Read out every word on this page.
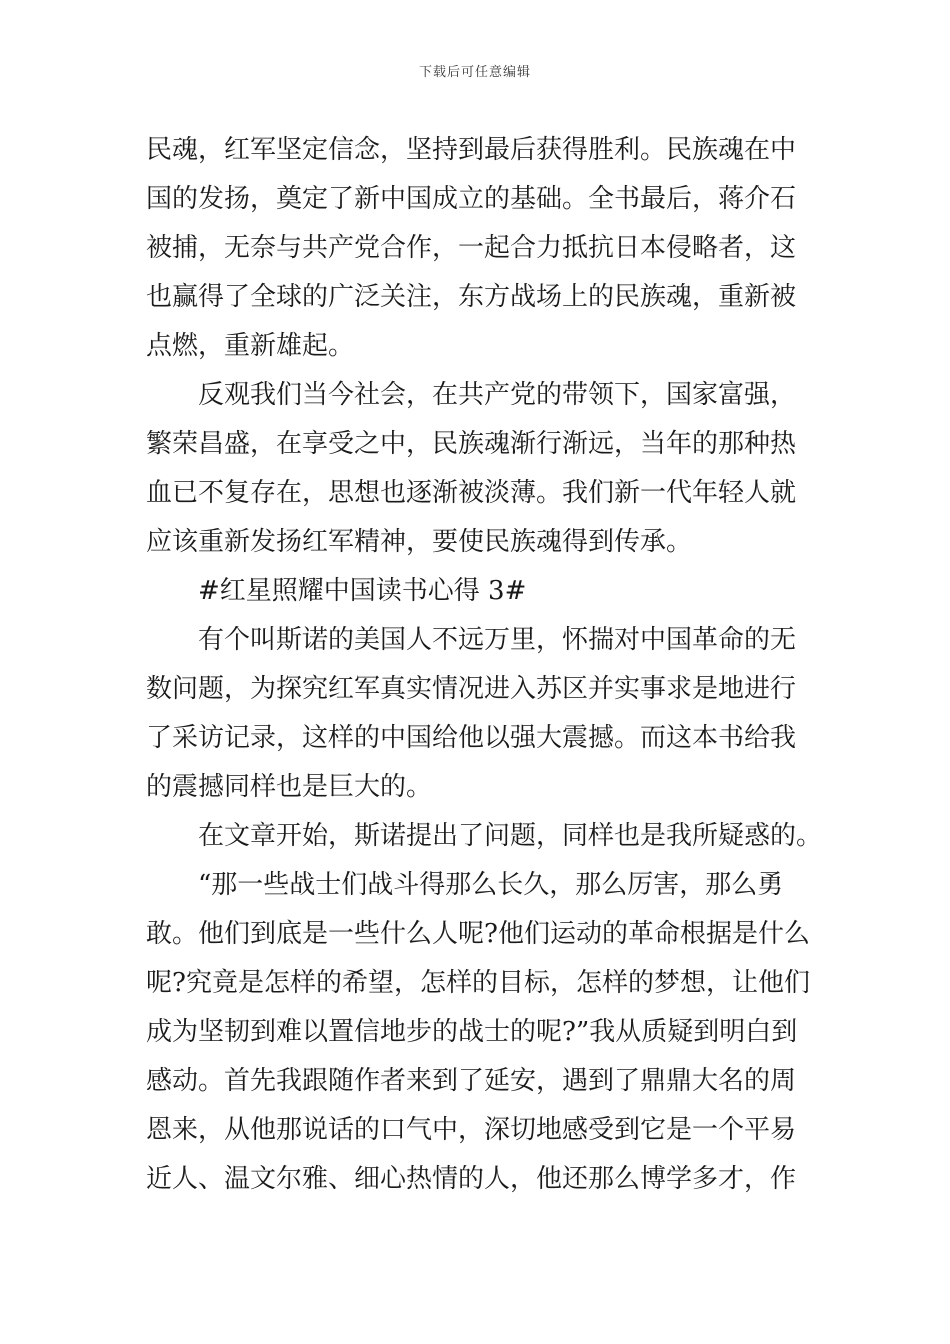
下载后可任意编辑
民魂，红军坚定信念，坚持到最后获得胜利。民族魂在中
国的发扬，奠定了新中国成立的基础。全书最后，蒋介石
被捕，无奈与共产党合作，一起合力抵抗日本侵略者，这
也赢得了全球的广泛关注，东方战场上的民族魂，重新被
点燃，重新雄起。
反观我们当今社会，在共产党的带领下，国家富强，
繁荣昌盛，在享受之中，民族魂渐行渐远，当年的那种热
血已不复存在，思想也逐渐被淡薄。我们新一代年轻人就
应该重新发扬红军精神，要使民族魂得到传承。
#红星照耀中国读书心得 3#
有个叫斯诺的美国人不远万里，怀揣对中国革命的无
数问题，为探究红军真实情况进入苏区并实事求是地进行
了采访记录，这样的中国给他以强大震撼。而这本书给我
的震撼同样也是巨大的。
在文章开始，斯诺提出了问题，同样也是我所疑惑的。
“那一些战士们战斗得那么长久，那么厉害，那么勇
敢。他们到底是一些什么人呢?他们运动的革命根据是什么
呢?究竟是怎样的希望，怎样的目标，怎样的梦想，让他们
成为坚韧到难以置信地步的战士的呢?”我从质疑到明白到
感动。首先我跟随作者来到了延安，遇到了鼎鼎大名的周
恩来，从他那说话的口气中，深切地感受到它是一个平易
近人、温文尔雅、细心热情的人，他还那么博学多才，作
